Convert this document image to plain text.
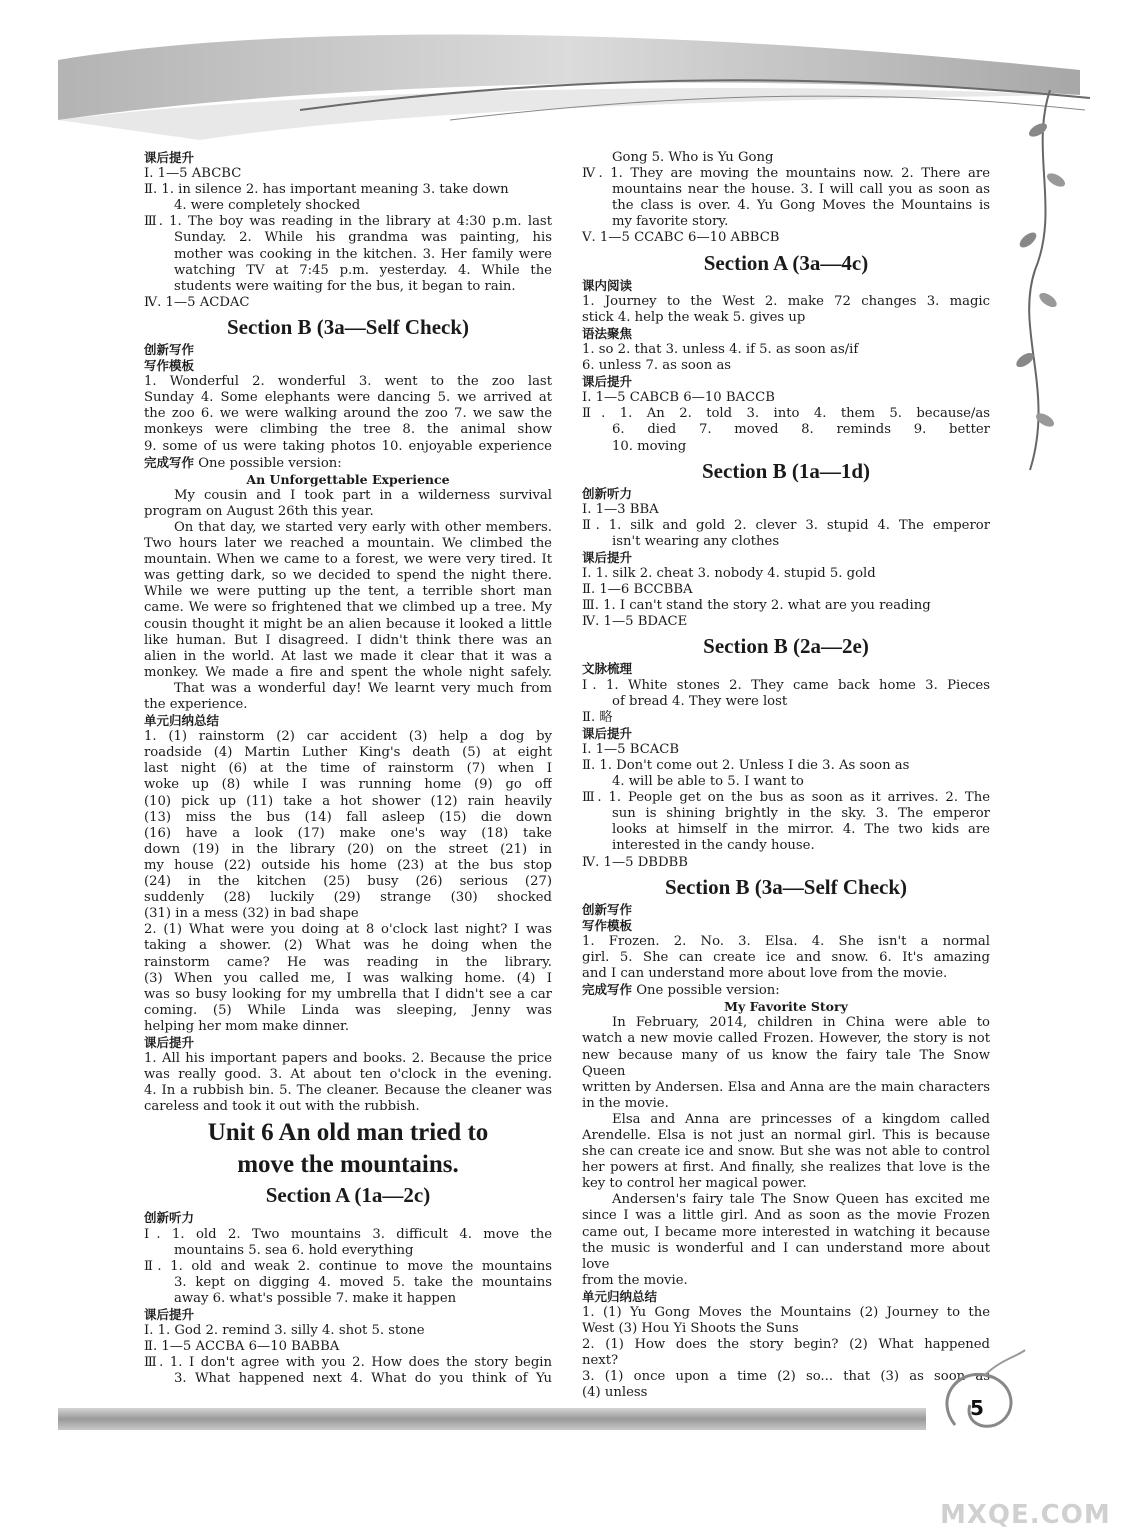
课后提升
Ⅰ. 1—5 ABCBC
Ⅱ. 1. in silence 2. has important meaning 3. take down
4. were completely shocked
Ⅲ. 1. The boy was reading in the library at 4:30 p.m. last
Sunday. 2. While his grandma was painting, his
mother was cooking in the kitchen. 3. Her family were
watching TV at 7:45 p.m. yesterday. 4. While the
students were waiting for the bus, it began to rain.
Ⅳ. 1—5 ACDAC
Section B (3a—Self Check)
创新写作
写作模板
1. Wonderful 2. wonderful 3. went to the zoo last
Sunday 4. Some elephants were dancing 5. we arrived at
the zoo 6. we were walking around the zoo 7. we saw the
monkeys were climbing the tree 8. the animal show
9. some of us were taking photos 10. enjoyable experience
完成写作 One possible version:
An Unforgettable Experience
My cousin and I took part in a wilderness survival
program on August 26th this year.
On that day, we started very early with other members.
Two hours later we reached a mountain. We climbed the
mountain. When we came to a forest, we were very tired. It
was getting dark, so we decided to spend the night there.
While we were putting up the tent, a terrible short man
came. We were so frightened that we climbed up a tree. My
cousin thought it might be an alien because it looked a little
like human. But I disagreed. I didn't think there was an
alien in the world. At last we made it clear that it was a
monkey. We made a fire and spent the whole night safely.
That was a wonderful day! We learnt very much from
the experience.
单元归纳总结
1. (1) rainstorm (2) car accident (3) help a dog by
roadside (4) Martin Luther King's death (5) at eight
last night (6) at the time of rainstorm (7) when I
woke up (8) while I was running home (9) go off
(10) pick up (11) take a hot shower (12) rain heavily
(13) miss the bus (14) fall asleep (15) die down
(16) have a look (17) make one's way (18) take
down (19) in the library (20) on the street (21) in
my house (22) outside his home (23) at the bus stop
(24) in the kitchen (25) busy (26) serious (27)
suddenly (28) luckily (29) strange (30) shocked
(31) in a mess (32) in bad shape
2. (1) What were you doing at 8 o'clock last night? I was
taking a shower. (2) What was he doing when the
rainstorm came? He was reading in the library.
(3) When you called me, I was walking home. (4) I
was so busy looking for my umbrella that I didn't see a car
coming. (5) While Linda was sleeping, Jenny was
helping her mom make dinner.
课后提升
1. All his important papers and books. 2. Because the price
was really good. 3. At about ten o'clock in the evening.
4. In a rubbish bin. 5. The cleaner. Because the cleaner was
careless and took it out with the rubbish.
Unit 6 An old man tried to
move the mountains.
Section A (1a—2c)
创新听力
Ⅰ. 1. old 2. Two mountains 3. difficult 4. move the
mountains 5. sea 6. hold everything
Ⅱ. 1. old and weak 2. continue to move the mountains
3. kept on digging 4. moved 5. take the mountains
away 6. what's possible 7. make it happen
课后提升
Ⅰ. 1. God 2. remind 3. silly 4. shot 5. stone
Ⅱ. 1—5 ACCBA 6—10 BABBA
Ⅲ. 1. I don't agree with you 2. How does the story begin
3. What happened next 4. What do you think of Yu
Gong 5. Who is Yu Gong
Ⅳ. 1. They are moving the mountains now. 2. There are
mountains near the house. 3. I will call you as soon as
the class is over. 4. Yu Gong Moves the Mountains is
my favorite story.
Ⅴ. 1—5 CCABC 6—10 ABBCB
Section A (3a—4c)
课内阅读
1. Journey to the West 2. make 72 changes 3. magic
stick 4. help the weak 5. gives up
语法聚焦
1. so 2. that 3. unless 4. if 5. as soon as/if
6. unless 7. as soon as
课后提升
Ⅰ. 1—5 CABCB 6—10 BACCB
Ⅱ. 1. An 2. told 3. into 4. them 5. because/as
6. died 7. moved 8. reminds 9. better
10. moving
Section B (1a—1d)
创新听力
Ⅰ. 1—3 BBA
Ⅱ. 1. silk and gold 2. clever 3. stupid 4. The emperor
isn't wearing any clothes
课后提升
Ⅰ. 1. silk 2. cheat 3. nobody 4. stupid 5. gold
Ⅱ. 1—6 BCCBBA
Ⅲ. 1. I can't stand the story 2. what are you reading
Ⅳ. 1—5 BDACE
Section B (2a—2e)
文脉梳理
Ⅰ. 1. White stones 2. They came back home 3. Pieces
of bread 4. They were lost
Ⅱ. 略
课后提升
Ⅰ. 1—5 BCACB
Ⅱ. 1. Don't come out 2. Unless I die 3. As soon as
4. will be able to 5. I want to
Ⅲ. 1. People get on the bus as soon as it arrives. 2. The
sun is shining brightly in the sky. 3. The emperor
looks at himself in the mirror. 4. The two kids are
interested in the candy house.
Ⅳ. 1—5 DBDBB
Section B (3a—Self Check)
创新写作
写作模板
1. Frozen. 2. No. 3. Elsa. 4. She isn't a normal
girl. 5. She can create ice and snow. 6. It's amazing
and I can understand more about love from the movie.
完成写作 One possible version:
My Favorite Story
In February, 2014, children in China were able to
watch a new movie called Frozen. However, the story is not
new because many of us know the fairy tale The Snow Queen
written by Andersen. Elsa and Anna are the main characters
in the movie.
Elsa and Anna are princesses of a kingdom called
Arendelle. Elsa is not just an normal girl. This is because
she can create ice and snow. But she was not able to control
her powers at first. And finally, she realizes that love is the
key to control her magical power.
Andersen's fairy tale The Snow Queen has excited me
since I was a little girl. And as soon as the movie Frozen
came out, I became more interested in watching it because
the music is wonderful and I can understand more about love
from the movie.
单元归纳总结
1. (1) Yu Gong Moves the Mountains (2) Journey to the
West (3) Hou Yi Shoots the Suns
2. (1) How does the story begin? (2) What happened
next?
3. (1) once upon a time (2) so... that (3) as soon as
(4) unless
5
MXQE.COM
